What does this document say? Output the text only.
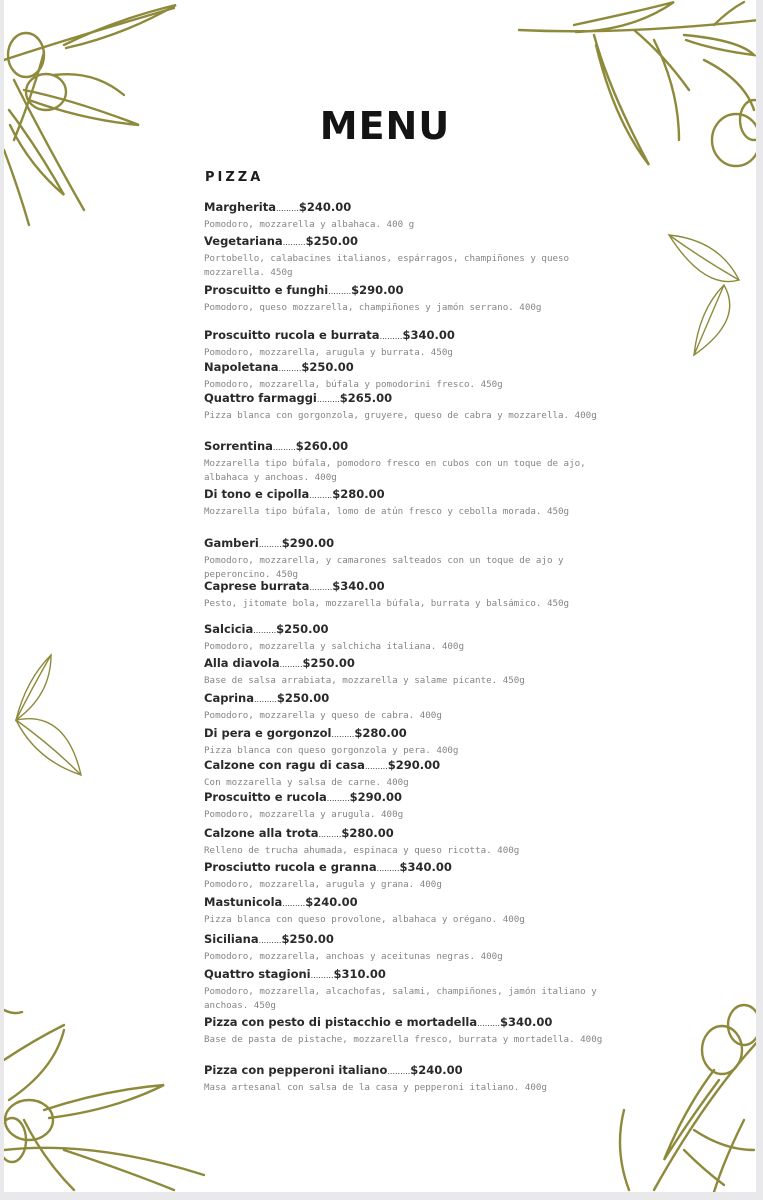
MENU
PIZZA
Margherita.........$240.00
Pomodoro, mozzarella y albahaca. 400 g
Vegetariana.........$250.00
Portobello, calabacines italianos, espárragos, champiñones y queso mozzarella. 450g
Proscuitto e funghi.........$290.00
Pomodoro, queso mozzarella, champiñones y jamón serrano. 400g
Proscuitto rucola e burrata.........$340.00
Pomodoro, mozzarella, arugula y burrata. 450g
Napoletana.........$250.00
Pomodoro, mozzarella, búfala y pomodorini fresco. 450g
Quattro farmaggi.........$265.00
Pizza blanca con gorgonzola, gruyere, queso de cabra y mozzarella. 400g
Sorrentina.........$260.00
Mozzarella tipo búfala, pomodoro fresco en cubos con un toque de ajo, albahaca y anchoas. 400g
Di tono e cipolla.........$280.00
Mozzarella tipo búfala, lomo de atún fresco y cebolla morada. 450g
Gamberi.........$290.00
Pomodoro, mozzarella, y camarones salteados con un toque de ajo y peperoncino. 450g
Caprese burrata.........$340.00
Pesto, jitomate bola, mozzarella búfala, burrata y balsámico. 450g
Salcicia.........$250.00
Pomodoro, mozzarella y salchicha italiana. 400g
Alla diavola.........$250.00
Base de salsa arrabiata, mozzarella y salame picante. 450g
Caprina.........$250.00
Pomodoro, mozzarella y queso de cabra. 400g
Di pera e gorgonzol.........$280.00
Pizza blanca con queso gorgonzola y pera. 400g
Calzone con ragu di casa.........$290.00
Con mozzarella y salsa de carne. 400g
Proscuitto e rucola.........$290.00
Pomodoro, mozzarella y arugula. 400g
Calzone alla trota.........$280.00
Relleno de trucha ahumada, espinaca y queso ricotta. 400g
Prosciutto rucola e granna.........$340.00
Pomodoro, mozzarella, arugula y grana. 400g
Mastunicola.........$240.00
Pizza blanca con queso provolone, albahaca y orégano. 400g
Siciliana.........$250.00
Pomodoro, mozzarella, anchoas y aceitunas negras. 400g
Quattro stagioni.........$310.00
Pomodoro, mozzarella, alcachofas, salami, champiñones, jamón italiano y anchoas. 450g
Pizza con pesto di pistacchio e mortadella.........$340.00
Base de pasta de pistache, mozzarella fresco, burrata y mortadella. 400g
Pizza con pepperoni italiano.........$240.00
Masa artesanal con salsa de la casa y pepperoni italiano. 400g
